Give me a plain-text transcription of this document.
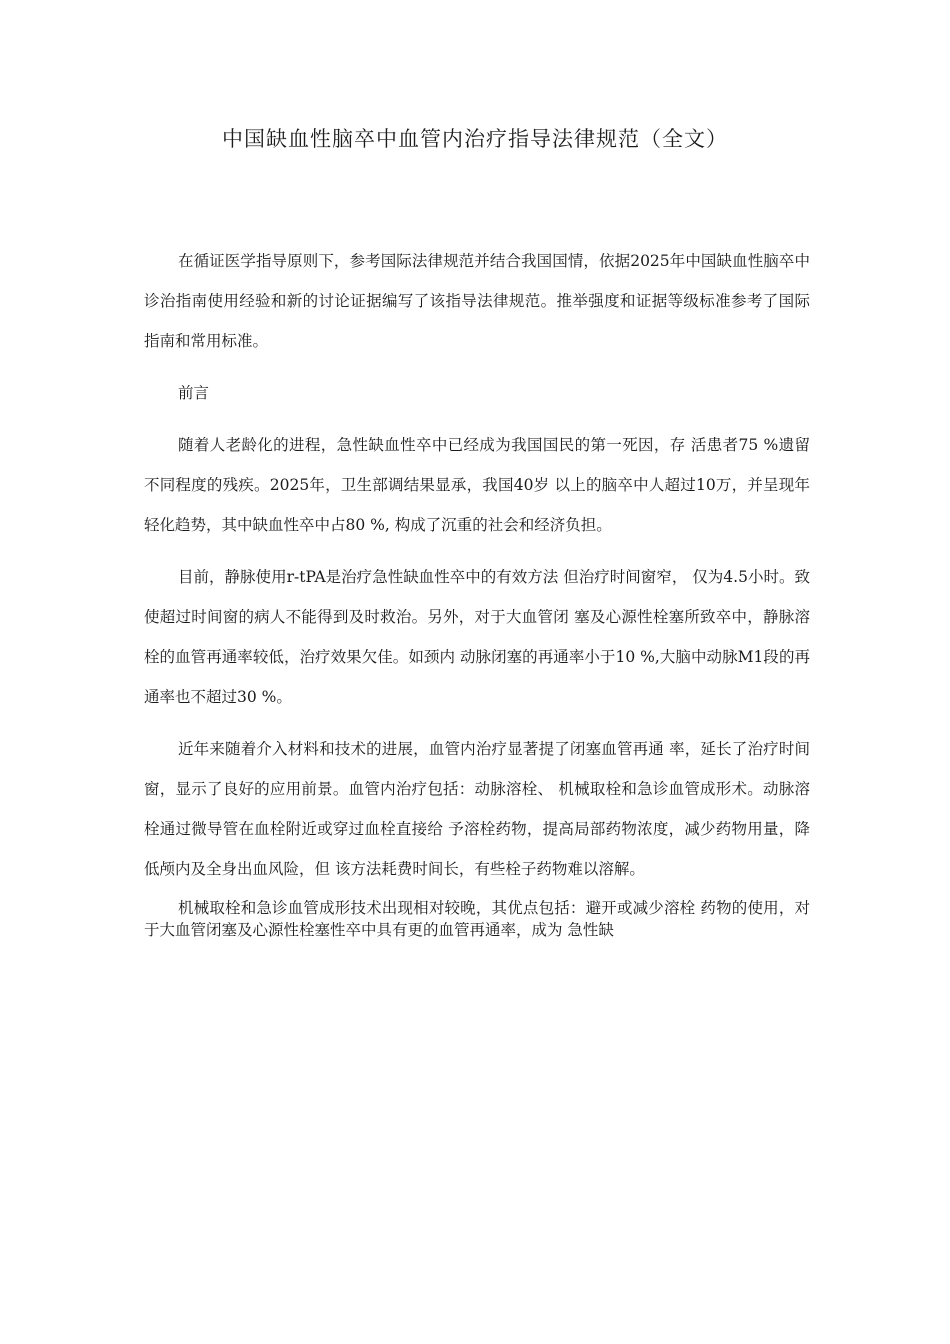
中国缺血性脑卒中血管内治疗指导法律规范（全文）

在循证医学指导原则下，参考国际法律规范并结合我国国情，依据2025年中国缺血性脑卒中诊治指南使用经验和新的讨论证据编写了该指导法律规范。推举强度和证据等级标准参考了国际指南和常用标准。

前言

随着人老龄化的进程，急性缺血性卒中已经成为我国国民的第一死因，存 活患者75 %遗留不同程度的残疾。2025年，卫生部调结果显承，我国40岁 以上的脑卒中人超过10万，并呈现年轻化趋势，其中缺血性卒中占80 %, 构成了沉重的社会和经济负担。

目前，静脉使用r-tPA是治疗急性缺血性卒中的有效方法 但治疗时间窗窄， 仅为4.5小时。致使超过时间窗的病人不能得到及时救治。另外，对于大血管闭 塞及心源性栓塞所致卒中，静脉溶栓的血管再通率较低，治疗效果欠佳。如颈内 动脉闭塞的再通率小于10 %,大脑中动脉M1段的再通率也不超过30 %。

近年来随着介入材料和技术的进展，血管内治疗显著提了闭塞血管再通 率，延长了治疗时间窗，显示了良好的应用前景。血管内治疗包括：动脉溶栓、 机械取栓和急诊血管成形术。动脉溶栓通过微导管在血栓附近或穿过血栓直接给 予溶栓药物，提高局部药物浓度，减少药物用量，降低颅内及全身出血风险，但 该方法耗费时间长，有些栓子药物难以溶解。

机械取栓和急诊血管成形技术出现相对较晚，其优点包括：避开或减少溶栓 药物的使用，对于大血管闭塞及心源性栓塞性卒中具有更的血管再通率，成为 急性缺
